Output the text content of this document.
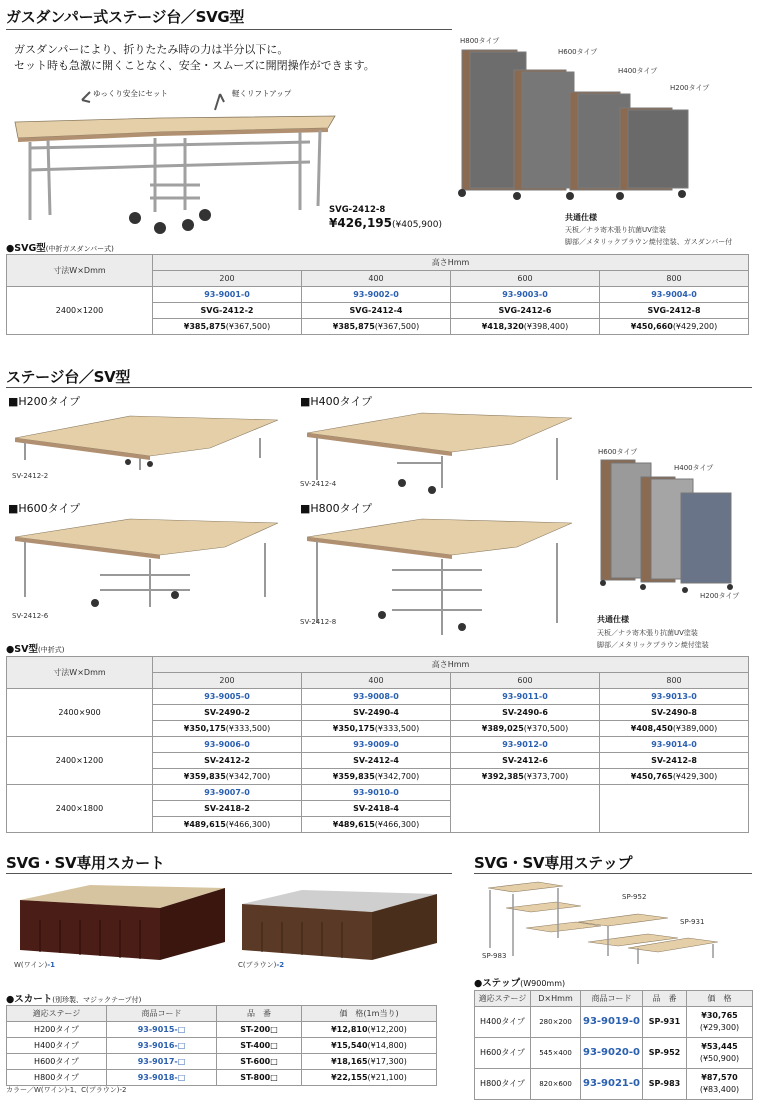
ガスダンパー式ステージ台／SVG型
ガスダンパーにより、折りたたみ時の力は半分以下に。
セット時も急激に開くことなく、安全・スムーズに開閉操作ができます。
ゆっくり安全にセット	軽くリフトアップ
SVG-2412-8
¥426,195(¥405,900)
H800タイプ
H600タイプ
H400タイプ
H200タイプ
共通仕様
天板／ナラ寄木張り抗菌UV塗装
脚部／メタリックブラウン焼付塗装、ガスダンパー付
●SVG型(中折ガスダンパー式)
寸法W×Dmm	高さHmm			
	200	400	600	800
2400×1200	93-9001-0	93-9002-0	93-9003-0	93-9004-0
	SVG-2412-2	SVG-2412-4	SVG-2412-6	SVG-2412-8
	¥385,875(¥367,500)	¥385,875(¥367,500)	¥418,320(¥398,400)	¥450,660(¥429,200)
ステージ台／SV型
■H200タイプ	■H400タイプ
■H600タイプ	■H800タイプ
SV-2412-2
SV-2412-4
SV-2412-6
SV-2412-8
H600タイプ
H400タイプ
H200タイプ
共通仕様
天板／ナラ寄木張り抗菌UV塗装
脚部／メタリックブラウン焼付塗装
●SV型(中折式)
寸法W×Dmm	高さHmm			
	200	400	600	800
2400×900	93-9005-0	93-9008-0	93-9011-0	93-9013-0
	SV-2490-2	SV-2490-4	SV-2490-6	SV-2490-8
	¥350,175(¥333,500)	¥350,175(¥333,500)	¥389,025(¥370,500)	¥408,450(¥389,000)
2400×1200	93-9006-0	93-9009-0	93-9012-0	93-9014-0
	SV-2412-2	SV-2412-4	SV-2412-6	SV-2412-8
	¥359,835(¥342,700)	¥359,835(¥342,700)	¥392,385(¥373,700)	¥450,765(¥429,300)
2400×1800	93-9007-0	93-9010-0		
	SV-2418-2	SV-2418-4		
	¥489,615(¥466,300)	¥489,615(¥466,300)		
SVG・SV専用スカート
W(ワイン)-1	C(ブラウン)-2
●スカート(別珍製、マジックテープ付)
適応ステージ	商品コード	品　番	価　格(1m当り)
H200タイプ	93-9015-□	ST-200□	¥12,810(¥12,200)
H400タイプ	93-9016-□	ST-400□	¥15,540(¥14,800)
H600タイプ	93-9017-□	ST-600□	¥18,165(¥17,300)
H800タイプ	93-9018-□	ST-800□	¥22,155(¥21,100)
カラー／W(ワイン)-1、C(ブラウン)-2
SVG・SV専用ステップ
SP-952
SP-931
SP-983
●ステップ(W900mm)
適応ステージ	D×Hmm	商品コード	品　番	価　格
H400タイプ	280×200	93-9019-0	SP-931	¥30,765
(¥29,300)

H600タイプ	545×400	93-9020-0	SP-952	¥53,445
(¥50,900)

H800タイプ	820×600	93-9021-0	SP-983	¥87,570
(¥83,400)
